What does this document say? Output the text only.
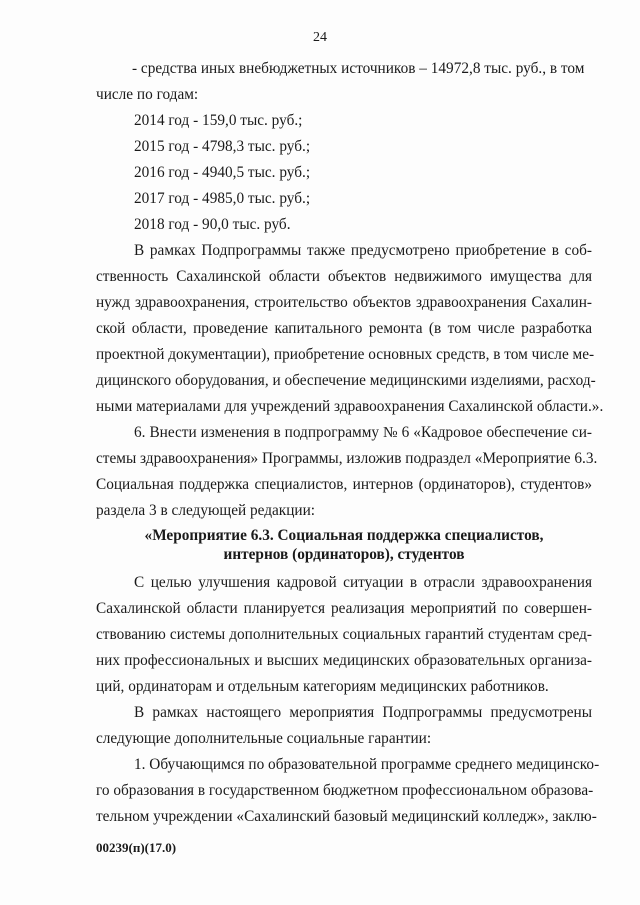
24
- средства иных внебюджетных источников – 14972,8 тыс. руб., в том
числе по годам:
2014 год - 159,0 тыс. руб.;
2015 год - 4798,3 тыс. руб.;
2016 год - 4940,5 тыс. руб.;
2017 год - 4985,0 тыс. руб.;
2018 год - 90,0 тыс. руб.
В рамках Подпрограммы также предусмотрено приобретение в соб-
ственность Сахалинской области объектов недвижимого имущества для
нужд здравоохранения, строительство объектов здравоохранения Сахалин-
ской области, проведение капитального ремонта (в том числе разработка
проектной документации), приобретение основных средств, в том числе ме-
дицинского оборудования, и обеспечение медицинскими изделиями, расход-
ными материалами для учреждений здравоохранения Сахалинской области.».
6. Внести изменения в подпрограмму № 6 «Кадровое обеспечение си-
стемы здравоохранения» Программы, изложив подраздел «Мероприятие 6.3.
Социальная поддержка специалистов, интернов (ординаторов), студентов»
раздела 3 в следующей редакции:
«Мероприятие 6.3. Социальная поддержка специалистов,
интернов (ординаторов), студентов
С целью улучшения кадровой ситуации в отрасли здравоохранения
Сахалинской области планируется реализация мероприятий по совершен-
ствованию системы дополнительных социальных гарантий студентам сред-
них профессиональных и высших медицинских образовательных организа-
ций, ординаторам и отдельным категориям медицинских работников.
В рамках настоящего мероприятия Подпрограммы предусмотрены
следующие дополнительные социальные гарантии:
1. Обучающимся по образовательной программе среднего медицинско-
го образования в государственном бюджетном профессиональном образова-
тельном учреждении «Сахалинский базовый медицинский колледж», заклю-
00239(п)(17.0)
